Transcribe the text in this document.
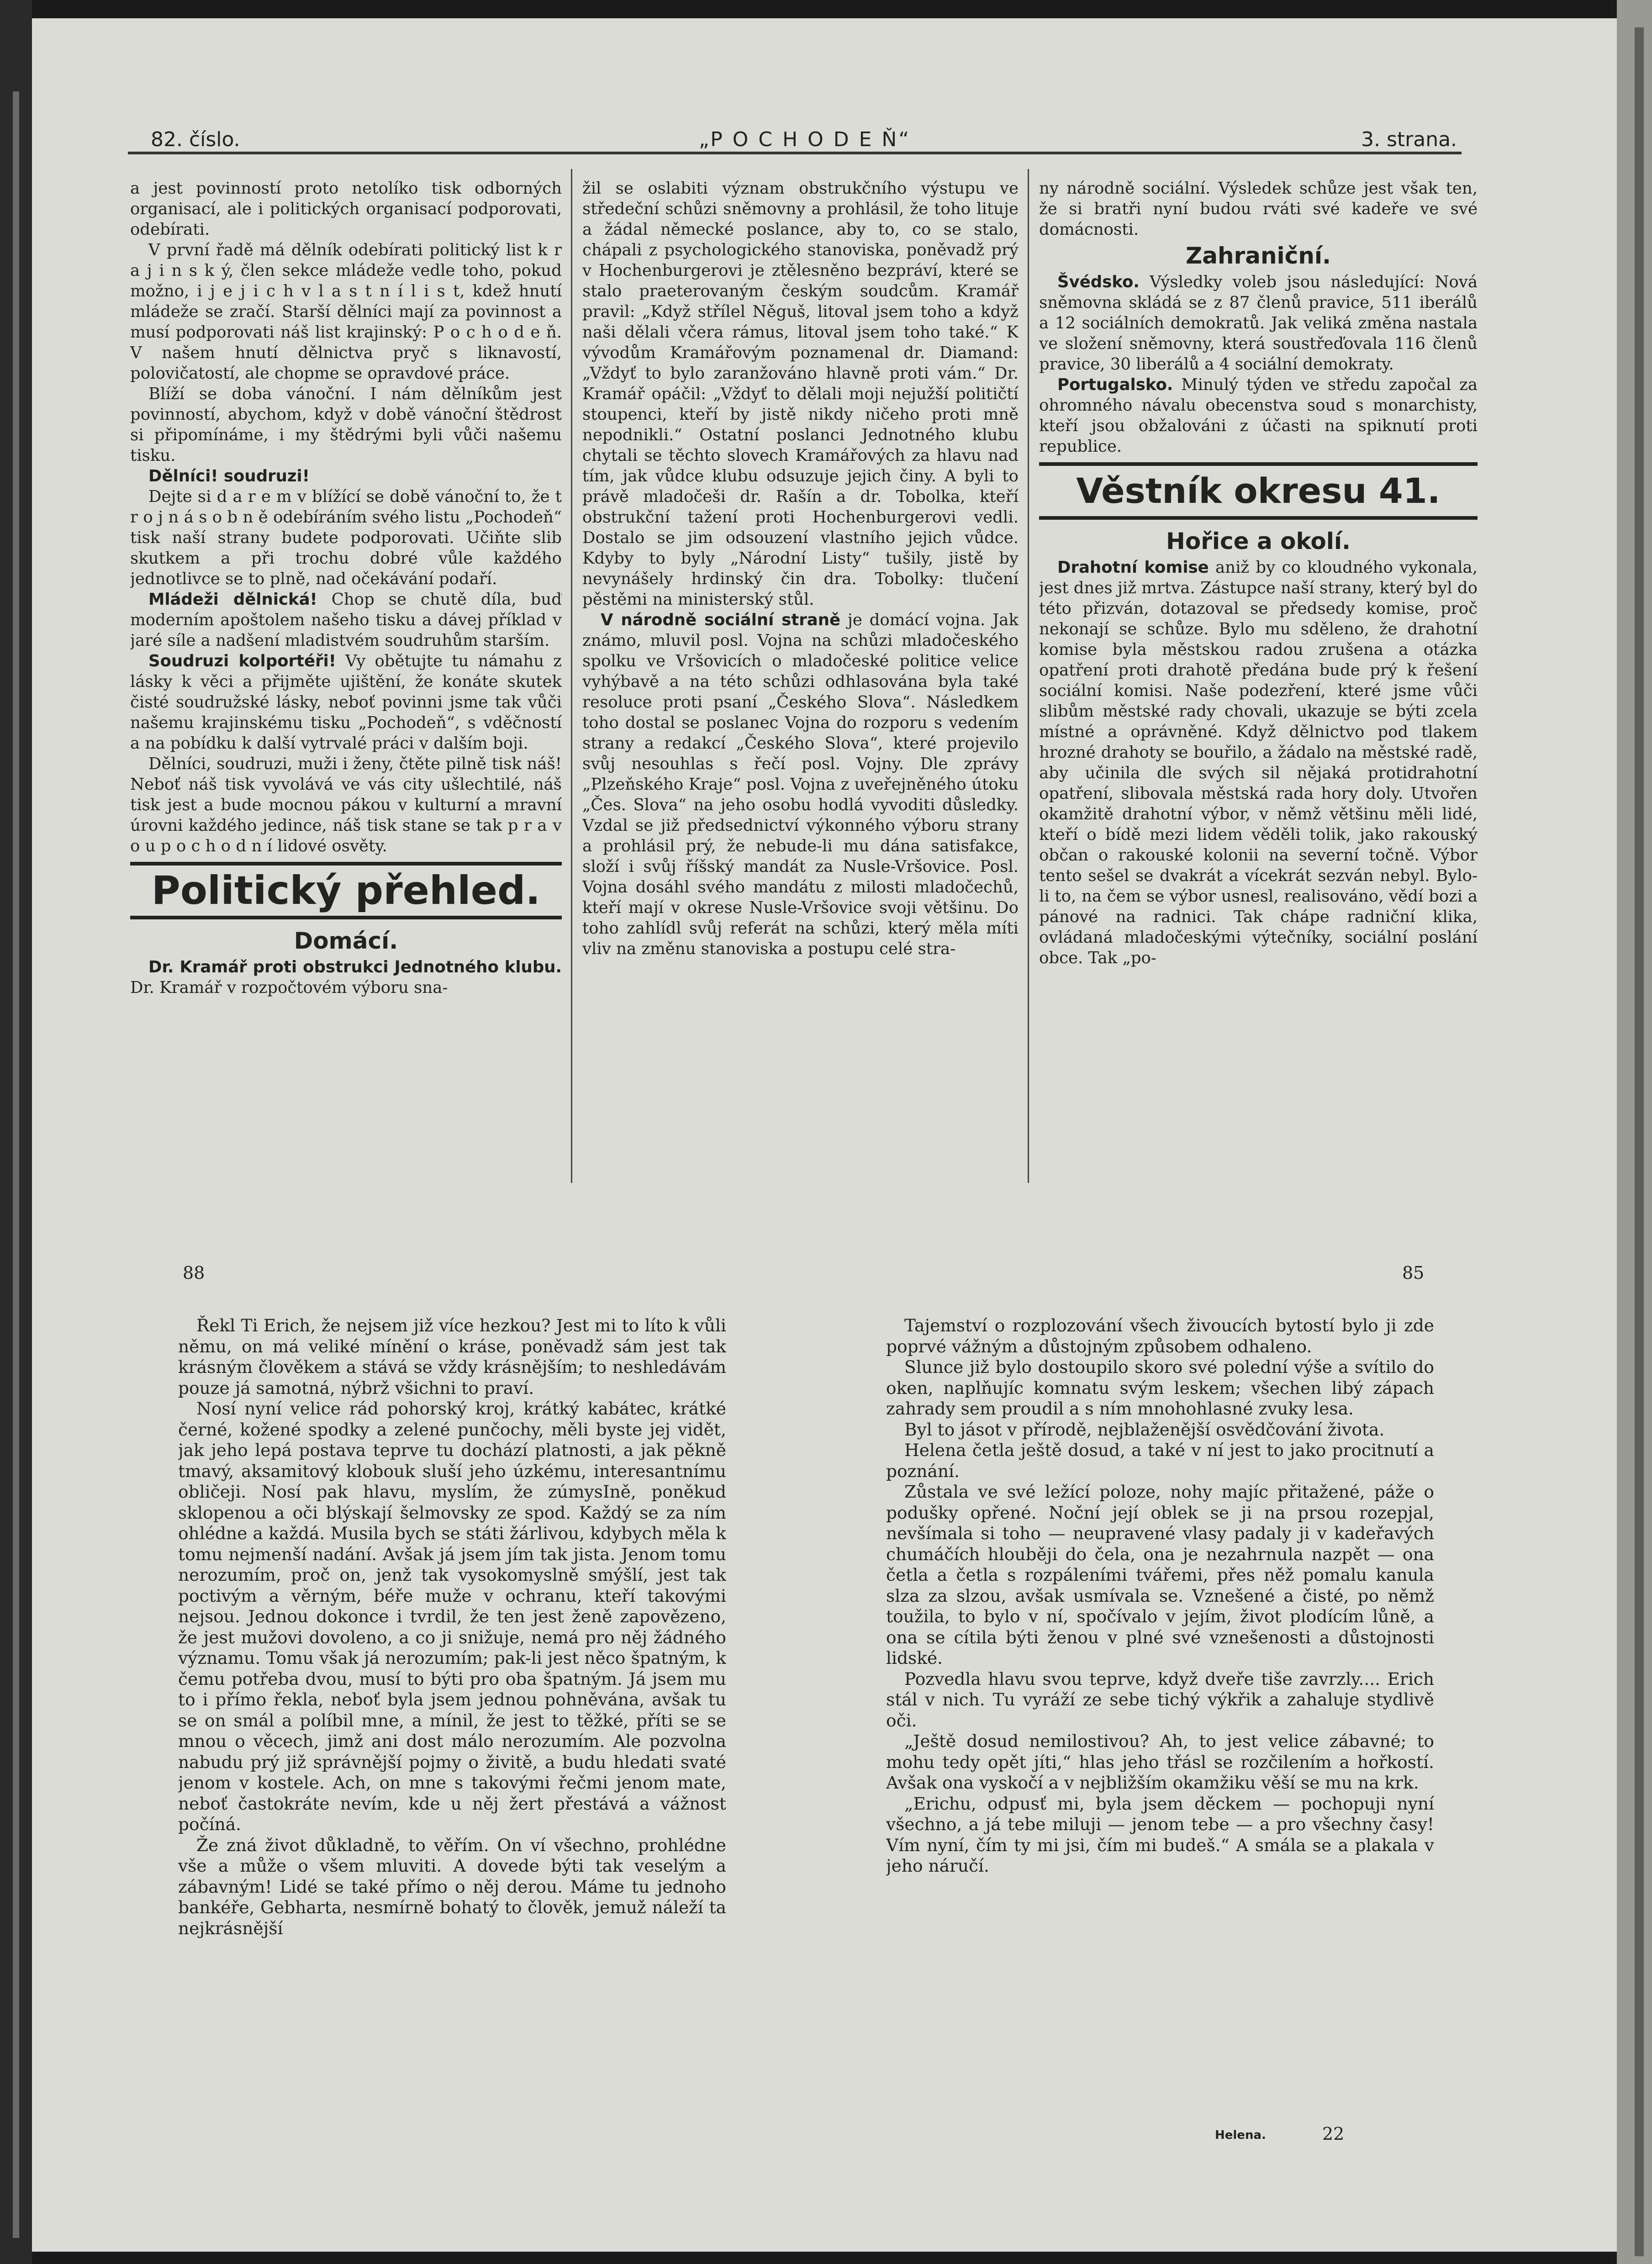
82. číslo.	„P O C H O D E Ň“	3. strana.

a jest povinností proto netolíko tisk odborných organisací, ale i politických organisací podporovati, odebírati.

V první řadě má dělník odebírati politický list k r a j i n s k ý, člen sekce mládeže vedle toho, pokud možno, i j e j i c h v l a s t n í l i s t, kdež hnutí mládeže se zračí. Starší dělníci mají za povinnost a musí podporovati náš list krajinský: P o c h o d e ň. V našem hnutí dělnictva pryč s liknavostí, polovičatostí, ale chopme se opravdové práce.

Blíží se doba vánoční. I nám dělníkům jest povinností, abychom, když v době vánoční štědrost si připomínáme, i my štědrými byli vůči našemu tisku.

Dělníci! soudruzi!

Dejte si d a r e m v blížící se době vánoční to, že t r o j n á s o b n ě odebíráním svého listu „Pochodeň“ tisk naší strany budete podporovati. Učiňte slib skutkem a při trochu dobré vůle každého jednotlivce se to plně, nad očekávání podaří.

Mládeži dělnická! Chop se chutě díla, buď moderním apoštolem našeho tisku a dávej příklad v jaré síle a nadšení mladistvém soudruhům starším.

Soudruzi kolportéři! Vy obětujte tu námahu z lásky k věci a přijměte ujištění, že konáte skutek čisté soudružské lásky, neboť povinni jsme tak vůči našemu krajinskému tisku „Pochodeň“, s vděčností a na pobídku k další vytrvalé práci v dalším boji.

Dělníci, soudruzi, muži i ženy, čtěte pilně tisk náš! Neboť náš tisk vyvolává ve vás city ušlechtilé, náš tisk jest a bude mocnou pákou v kulturní a mravní úrovni každého jedince, náš tisk stane se tak p r a v o u p o c h o d n í lidové osvěty.

Politický přehled.
Domácí.

Dr. Kramář proti obstrukci Jednotného klubu. Dr. Kramář v rozpočtovém výboru sna-

žil se oslabiti význam obstrukčního výstupu ve středeční schůzi sněmovny a prohlásil, že toho lituje a žádal německé poslance, aby to, co se stalo, chápali z psychologického stanoviska, poněvadž prý v Hochenburgerovi je ztělesněno bezpráví, které se stalo praeterovaným českým soudcům. Kramář pravil: „Když střílel Něguš, litoval jsem toho a když naši dělali včera rámus, litoval jsem toho také.“ K vývodům Kramářovým poznamenal dr. Diamand: „Vždyť to bylo zaranžováno hlavně proti vám.“ Dr. Kramář opáčil: „Vždyť to dělali moji nejužší političtí stoupenci, kteří by jistě nikdy ničeho proti mně nepodnikli.“ Ostatní poslanci Jednotného klubu chytali se těchto slovech Kramářových za hlavu nad tím, jak vůdce klubu odsuzuje jejich činy. A byli to právě mladočeši dr. Rašín a dr. Tobolka, kteří obstrukční tažení proti Hochenburgerovi vedli. Dostalo se jim odsouzení vlastního jejich vůdce. Kdyby to byly „Národní Listy“ tušily, jistě by nevynášely hrdinský čin dra. Tobolky: tlučení pěstěmi na ministerský stůl.

V národně sociální straně je domácí vojna. Jak známo, mluvil posl. Vojna na schůzi mladočeského spolku ve Vršovicích o mladočeské politice velice vyhýbavě a na této schůzi odhlasována byla také resoluce proti psaní „Českého Slova“. Následkem toho dostal se poslanec Vojna do rozporu s vedením strany a redakcí „Českého Slova“, které projevilo svůj nesouhlas s řečí posl. Vojny. Dle zprávy „Plzeňského Kraje“ posl. Vojna z uveřejněného útoku „Čes. Slova“ na jeho osobu hodlá vyvoditi důsledky. Vzdal se již předsednictví výkonného výboru strany a prohlásil prý, že nebude-li mu dána satisfakce, složí i svůj říšský mandát za Nusle-Vršovice. Posl. Vojna dosáhl svého mandátu z milosti mladočechů, kteří mají v okrese Nusle-Vršovice svoji většinu. Do toho zahlídl svůj referát na schůzi, který měla míti vliv na změnu stanoviska a postupu celé stra-

ny národně sociální. Výsledek schůze jest však ten, že si bratři nyní budou rváti své kadeře ve své domácnosti.

Zahraniční.

Švédsko. Výsledky voleb jsou následující: Nová sněmovna skládá se z 87 členů pravice, 511 iberálů a 12 sociálních demokratů. Jak veliká změna nastala ve složení sněmovny, která soustřeďovala 116 členů pravice, 30 liberálů a 4 sociální demokraty.

Portugalsko. Minulý týden ve středu započal za ohromného návalu obecenstva soud s monarchisty, kteří jsou obžalováni z účasti na spiknutí proti republice.

Věstník okresu 41.
Hořice a okolí.

Drahotní komise aniž by co kloudného vykonala, jest dnes již mrtva. Zástupce naší strany, který byl do této přizván, dotazoval se předsedy komise, proč nekonají se schůze. Bylo mu sděleno, že drahotní komise byla městskou radou zrušena a otázka opatření proti drahotě předána bude prý k řešení sociální komisi. Naše podezření, které jsme vůči slibům městské rady chovali, ukazuje se býti zcela místné a oprávněné. Když dělnictvo pod tlakem hrozné drahoty se bouřilo, a žádalo na městské radě, aby učinila dle svých sil nějaká protidrahotní opatření, slibovala městská rada hory doly. Utvořen okamžitě drahotní výbor, v němž většinu měli lidé, kteří o bídě mezi lidem věděli tolik, jako rakouský občan o rakouské kolonii na severní točně. Výbor tento sešel se dvakrát a vícekrát sezván nebyl. Bylo-li to, na čem se výbor usnesl, realisováno, vědí bozi a pánové na radnici. Tak chápe radniční klika, ovládaná mladočeskými výtečníky, sociální poslání obce. Tak „po-

88	85

Řekl Ti Erich, že nejsem již více hezkou? Jest mi to líto k vůli němu, on má veliké mínění o kráse, poněvadž sám jest tak krásným člověkem a stává se vždy krásnějším; to neshledávám pouze já samotná, nýbrž všichni to praví.

Nosí nyní velice rád pohorský kroj, krátký kabátec, krátké černé, kožené spodky a zelené punčochy, měli byste jej vidět, jak jeho lepá postava teprve tu dochází platnosti, a jak pěkně tmavý, aksamitový klobouk sluší jeho úzkému, interesantnímu obličeji. Nosí pak hlavu, myslím, že zúmysIně, poněkud sklopenou a oči blýskají šelmovsky ze spod. Každý se za ním ohlédne a každá. Musila bych se státi žárlivou, kdybych měla k tomu nejmenší nadání. Avšak já jsem jím tak jista. Jenom tomu nerozumím, proč on, jenž tak vysokomyslně smýšlí, jest tak poctivým a věrným, béře muže v ochranu, kteří takovými nejsou. Jednou dokonce i tvrdil, že ten jest ženě zapovězeno, že jest mužovi dovoleno, a co ji snižuje, nemá pro něj žádného významu. Tomu však já nerozumím; pak-li jest něco špatným, k čemu potřeba dvou, musí to býti pro oba špatným. Já jsem mu to i přímo řekla, neboť byla jsem jednou pohněvána, avšak tu se on smál a políbil mne, a mínil, že jest to těžké, příti se se mnou o věcech, jimž ani dost málo nerozumím. Ale pozvolna nabudu prý již správnější pojmy o živitě, a budu hledati svaté jenom v kostele. Ach, on mne s takovými řečmi jenom mate, neboť častokráte nevím, kde u něj žert přestává a vážnost počíná.

Že zná život důkladně, to věřím. On ví všechno, prohlédne vše a může o všem mluviti. A dovede býti tak veselým a zábavným! Lidé se také přímo o něj derou. Máme tu jednoho bankéře, Gebharta, nesmírně bohatý to člověk, jemuž náleží ta nejkrásnější

Tajemství o rozplozování všech živoucích bytostí bylo ji zde poprvé vážným a důstojným způsobem odhaleno.

Slunce již bylo dostoupilo skoro své polední výše a svítilo do oken, naplňujíc komnatu svým leskem; všechen libý zápach zahrady sem proudil a s ním mnohohlasné zvuky lesa.

Byl to jásot v přírodě, nejblaženější osvědčování života.

Helena četla ještě dosud, a také v ní jest to jako procitnutí a poznání.

Zůstala ve své ležící poloze, nohy majíc přitažené, páže o podušky opřené. Noční její oblek se ji na prsou rozepjal, nevšímala si toho — neupravené vlasy padaly ji v kadeřavých chumáčích hlouběji do čela, ona je nezahrnula nazpět — ona četla a četla s rozpáleními tvářemi, přes něž pomalu kanula slza za slzou, avšak usmívala se. Vznešené a čisté, po němž toužila, to bylo v ní, spočívalo v jejím, život plodícím lůně, a ona se cítila býti ženou v plné své vznešenosti a důstojnosti lidské.

Pozvedla hlavu svou teprve, když dveře tiše zavrzly.... Erich stál v nich. Tu vyráží ze sebe tichý výkřik a zahaluje stydlivě oči.

„Ještě dosud nemilostivou? Ah, to jest velice zábavné; to mohu tedy opět jíti,“ hlas jeho třásl se rozčilením a hořkostí. Avšak ona vyskočí a v nejbližším okamžiku věší se mu na krk.

„Erichu, odpusť mi, byla jsem děckem — pochopuji nyní všechno, a já tebe miluji — jenom tebe — a pro všechny časy! Vím nyní, čím ty mi jsi, čím mi budeš.“ A smála se a plakala v jeho náručí.

Helena.	22
